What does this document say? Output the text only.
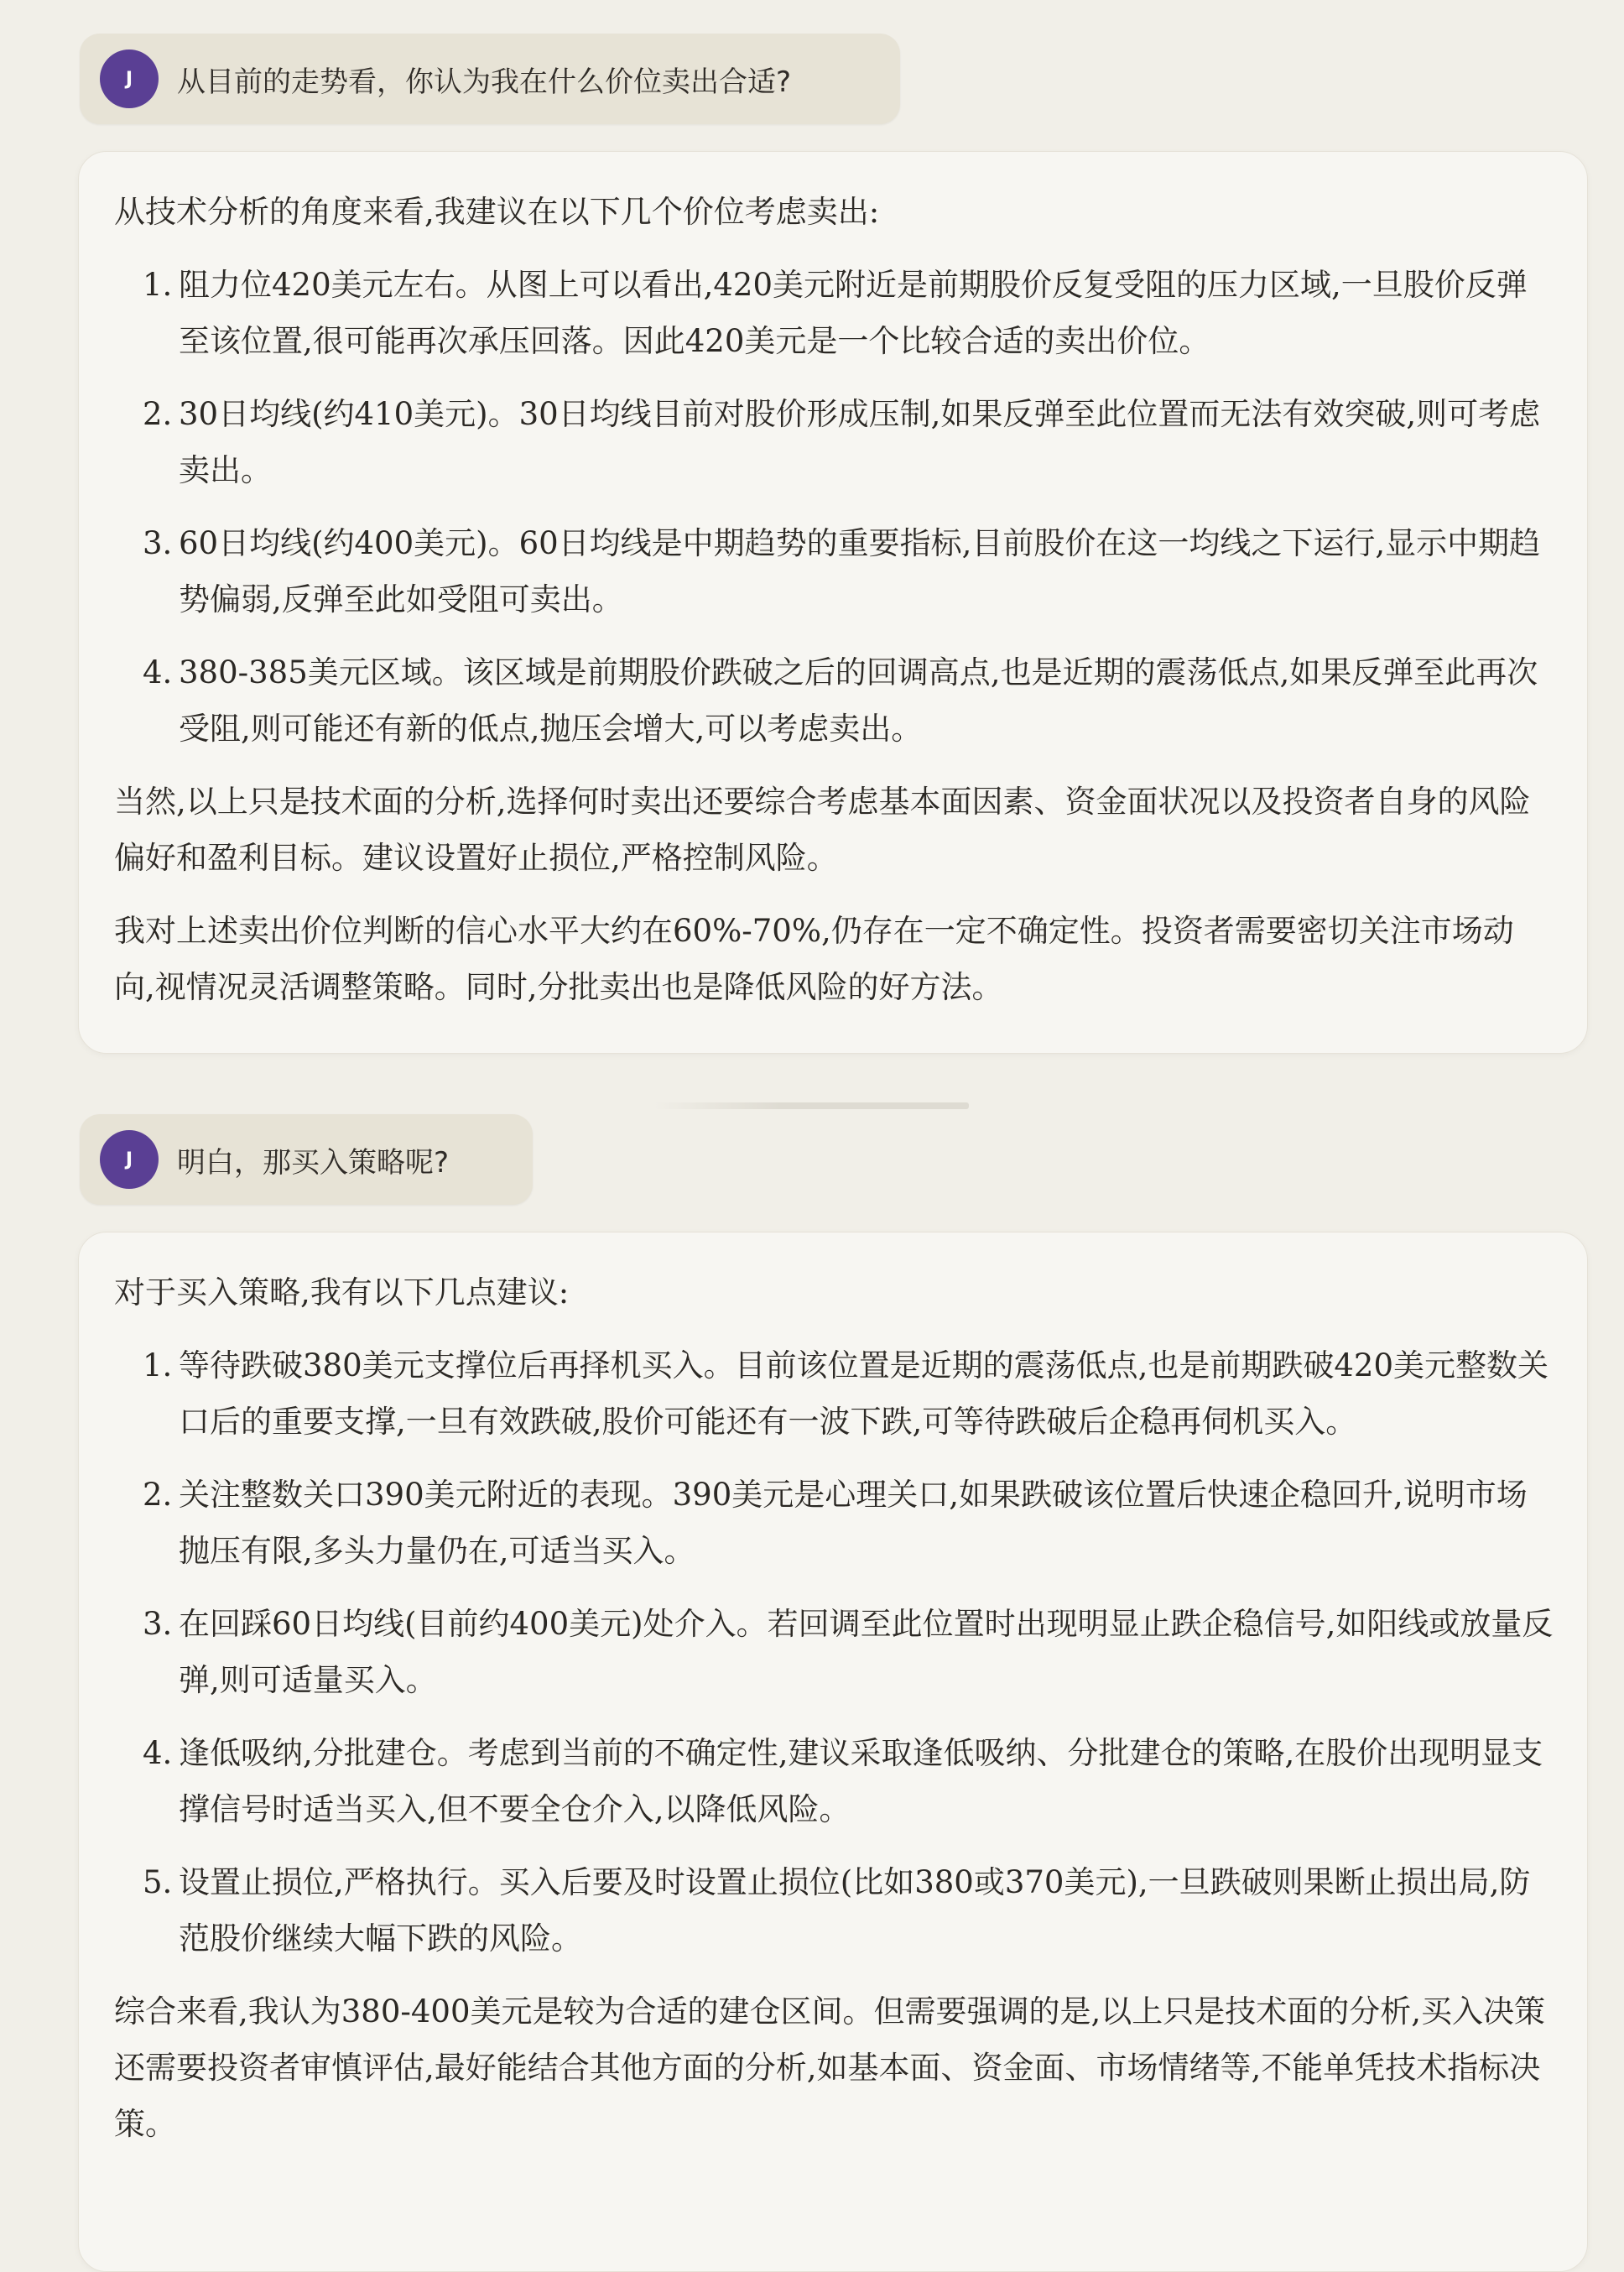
J	从目前的走势看，你认为我在什么价位卖出合适?

从技术分析的角度来看,我建议在以下几个价位考虑卖出:

1. 阻力位420美元左右。从图上可以看出,420美元附近是前期股价反复受阻的压力区域,一旦股价反弹至该位置,很可能再次承压回落。因此420美元是一个比较合适的卖出价位。
2. 30日均线(约410美元)。30日均线目前对股价形成压制,如果反弹至此位置而无法有效突破,则可考虑卖出。
3. 60日均线(约400美元)。60日均线是中期趋势的重要指标,目前股价在这一均线之下运行,显示中期趋势偏弱,反弹至此如受阻可卖出。
4. 380-385美元区域。该区域是前期股价跌破之后的回调高点,也是近期的震荡低点,如果反弹至此再次受阻,则可能还有新的低点,抛压会增大,可以考虑卖出。

当然,以上只是技术面的分析,选择何时卖出还要综合考虑基本面因素、资金面状况以及投资者自身的风险偏好和盈利目标。建议设置好止损位,严格控制风险。

我对上述卖出价位判断的信心水平大约在60%-70%,仍存在一定不确定性。投资者需要密切关注市场动向,视情况灵活调整策略。同时,分批卖出也是降低风险的好方法。

J	明白，那买入策略呢?

对于买入策略,我有以下几点建议:

1. 等待跌破380美元支撑位后再择机买入。目前该位置是近期的震荡低点,也是前期跌破420美元整数关口后的重要支撑,一旦有效跌破,股价可能还有一波下跌,可等待跌破后企稳再伺机买入。
2. 关注整数关口390美元附近的表现。390美元是心理关口,如果跌破该位置后快速企稳回升,说明市场抛压有限,多头力量仍在,可适当买入。
3. 在回踩60日均线(目前约400美元)处介入。若回调至此位置时出现明显止跌企稳信号,如阳线或放量反弹,则可适量买入。
4. 逢低吸纳,分批建仓。考虑到当前的不确定性,建议采取逢低吸纳、分批建仓的策略,在股价出现明显支撑信号时适当买入,但不要全仓介入,以降低风险。
5. 设置止损位,严格执行。买入后要及时设置止损位(比如380或370美元),一旦跌破则果断止损出局,防范股价继续大幅下跌的风险。

综合来看,我认为380-400美元是较为合适的建仓区间。但需要强调的是,以上只是技术面的分析,买入决策还需要投资者审慎评估,最好能结合其他方面的分析,如基本面、资金面、市场情绪等,不能单凭技术指标决策。
